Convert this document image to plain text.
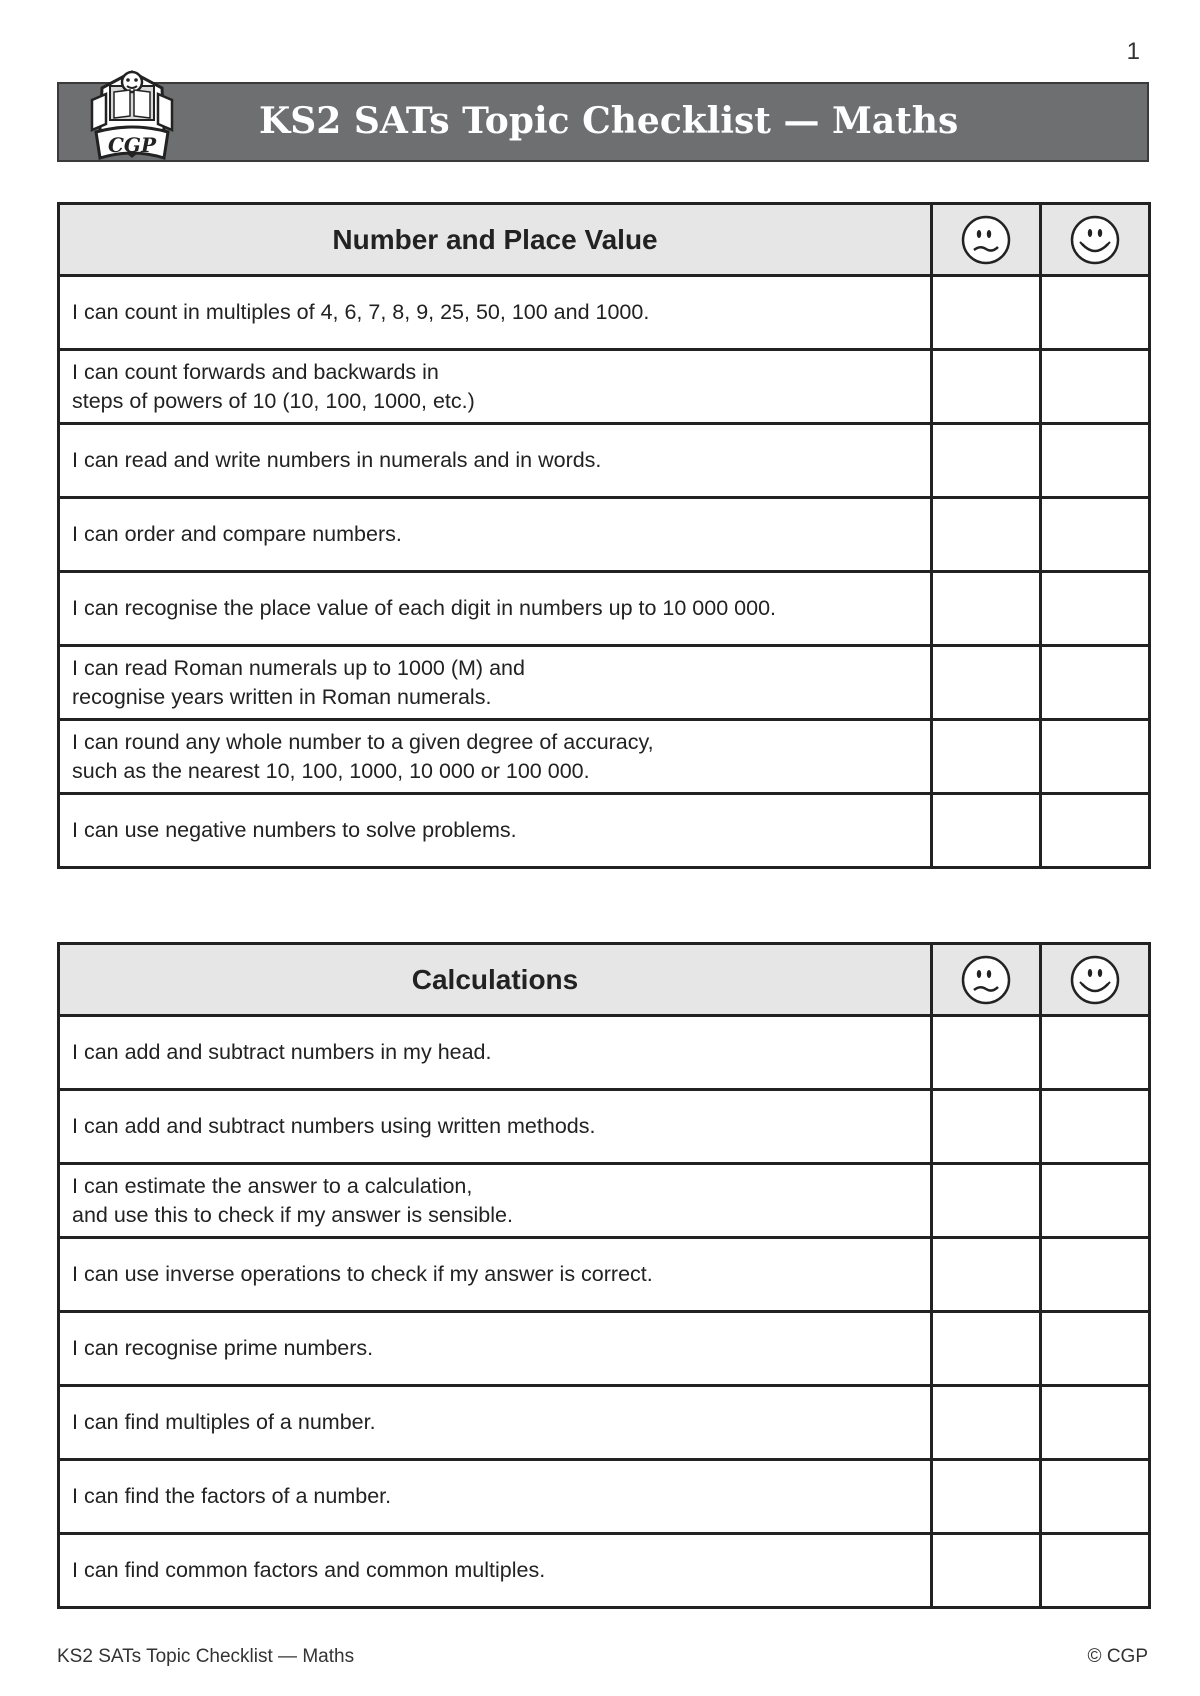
1
KS2 SATs Topic Checklist — Maths
CGP
Number and Place Value	

I can count in multiples of 4, 6, 7, 8, 9, 25, 50, 100 and 1000.		

I can count forwards and backwards in
steps of powers of 10 (10, 100, 1000, etc.)		

I can read and write numbers in numerals and in words.		

I can order and compare numbers.		

I can recognise the place value of each digit in numbers up to 10 000 000.		

I can read Roman numerals up to 1000 (M) and
recognise years written in Roman numerals.		

I can round any whole number to a given degree of accuracy,
such as the nearest 10, 100, 1000, 10 000 or 100 000.		

I can use negative numbers to solve problems.		

Calculations	

I can add and subtract numbers in my head.		

I can add and subtract numbers using written methods.		

I can estimate the answer to a calculation,
and use this to check if my answer is sensible.		

I can use inverse operations to check if my answer is correct.		

I can recognise prime numbers.		

I can find multiples of a number.		

I can find the factors of a number.		

I can find common factors and common multiples.		

KS2 SATs Topic Checklist — Maths	© CGP
